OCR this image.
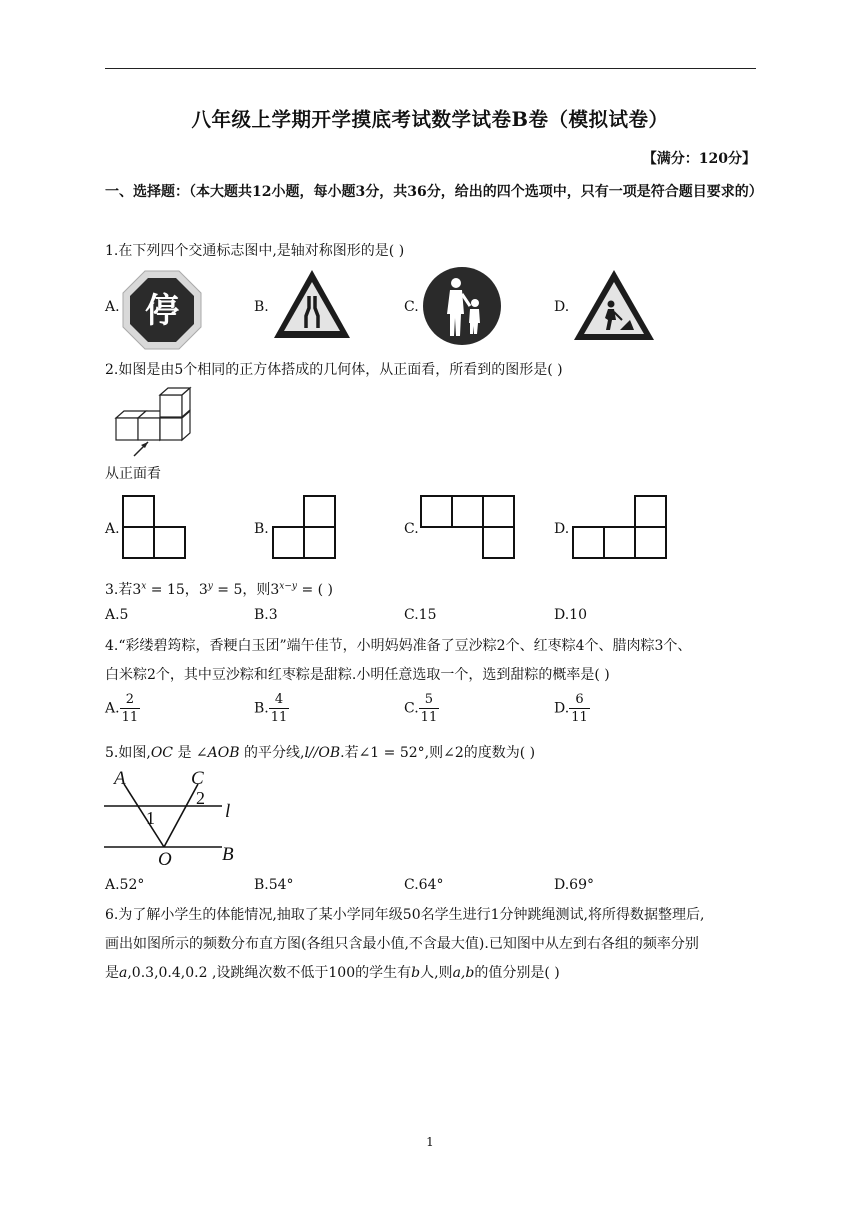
八年级上学期开学摸底考试数学试卷B卷（模拟试卷）
【满分：120分】
一、选择题：（本大题共12小题，每小题3分，共36分，给出的四个选项中，只有一项是符合题目要求的）
1.在下列四个交通标志图中,是轴对称图形的是( )
A. 停	B.	C.	D.
2.如图是由5个相同的正方体搭成的几何体，从正面看，所看到的图形是( )
从正面看
A.	B.	C.	D.
3.若$3^x = 15$，$3^y = 5$，则$3^{x-y}$ = ( )
A.5	B.3	C.15	D.10
4.“彩缕碧筠粽，香粳白玉团”端午佳节，小明妈妈准备了豆沙粽2个、红枣粽4个、腊肉粽3个、
白米粽2个，其中豆沙粽和红枣粽是甜粽.小明任意选取一个，选到甜粽的概率是( )
A. $\frac{2}{11}$	B. $\frac{4}{11}$	C. $\frac{5}{11}$	D. $\frac{6}{11}$
5.如图,OC 是 ∠AOB 的平分线,l//OB.若∠1 = 52°,则∠2的度数为( )
A	C
l
O	B
2
1
A.52°	B.54°	C.64°	D.69°
6.为了解小学生的体能情况,抽取了某小学同年级50名学生进行1分钟跳绳测试,将所得数据整理后,
画出如图所示的频数分布直方图(各组只含最小值,不含最大值).已知图中从左到右各组的频率分别
是a,0.3,0.4,0.2 ,设跳绳次数不低于100的学生有b人,则a,b的值分别是( )
1
